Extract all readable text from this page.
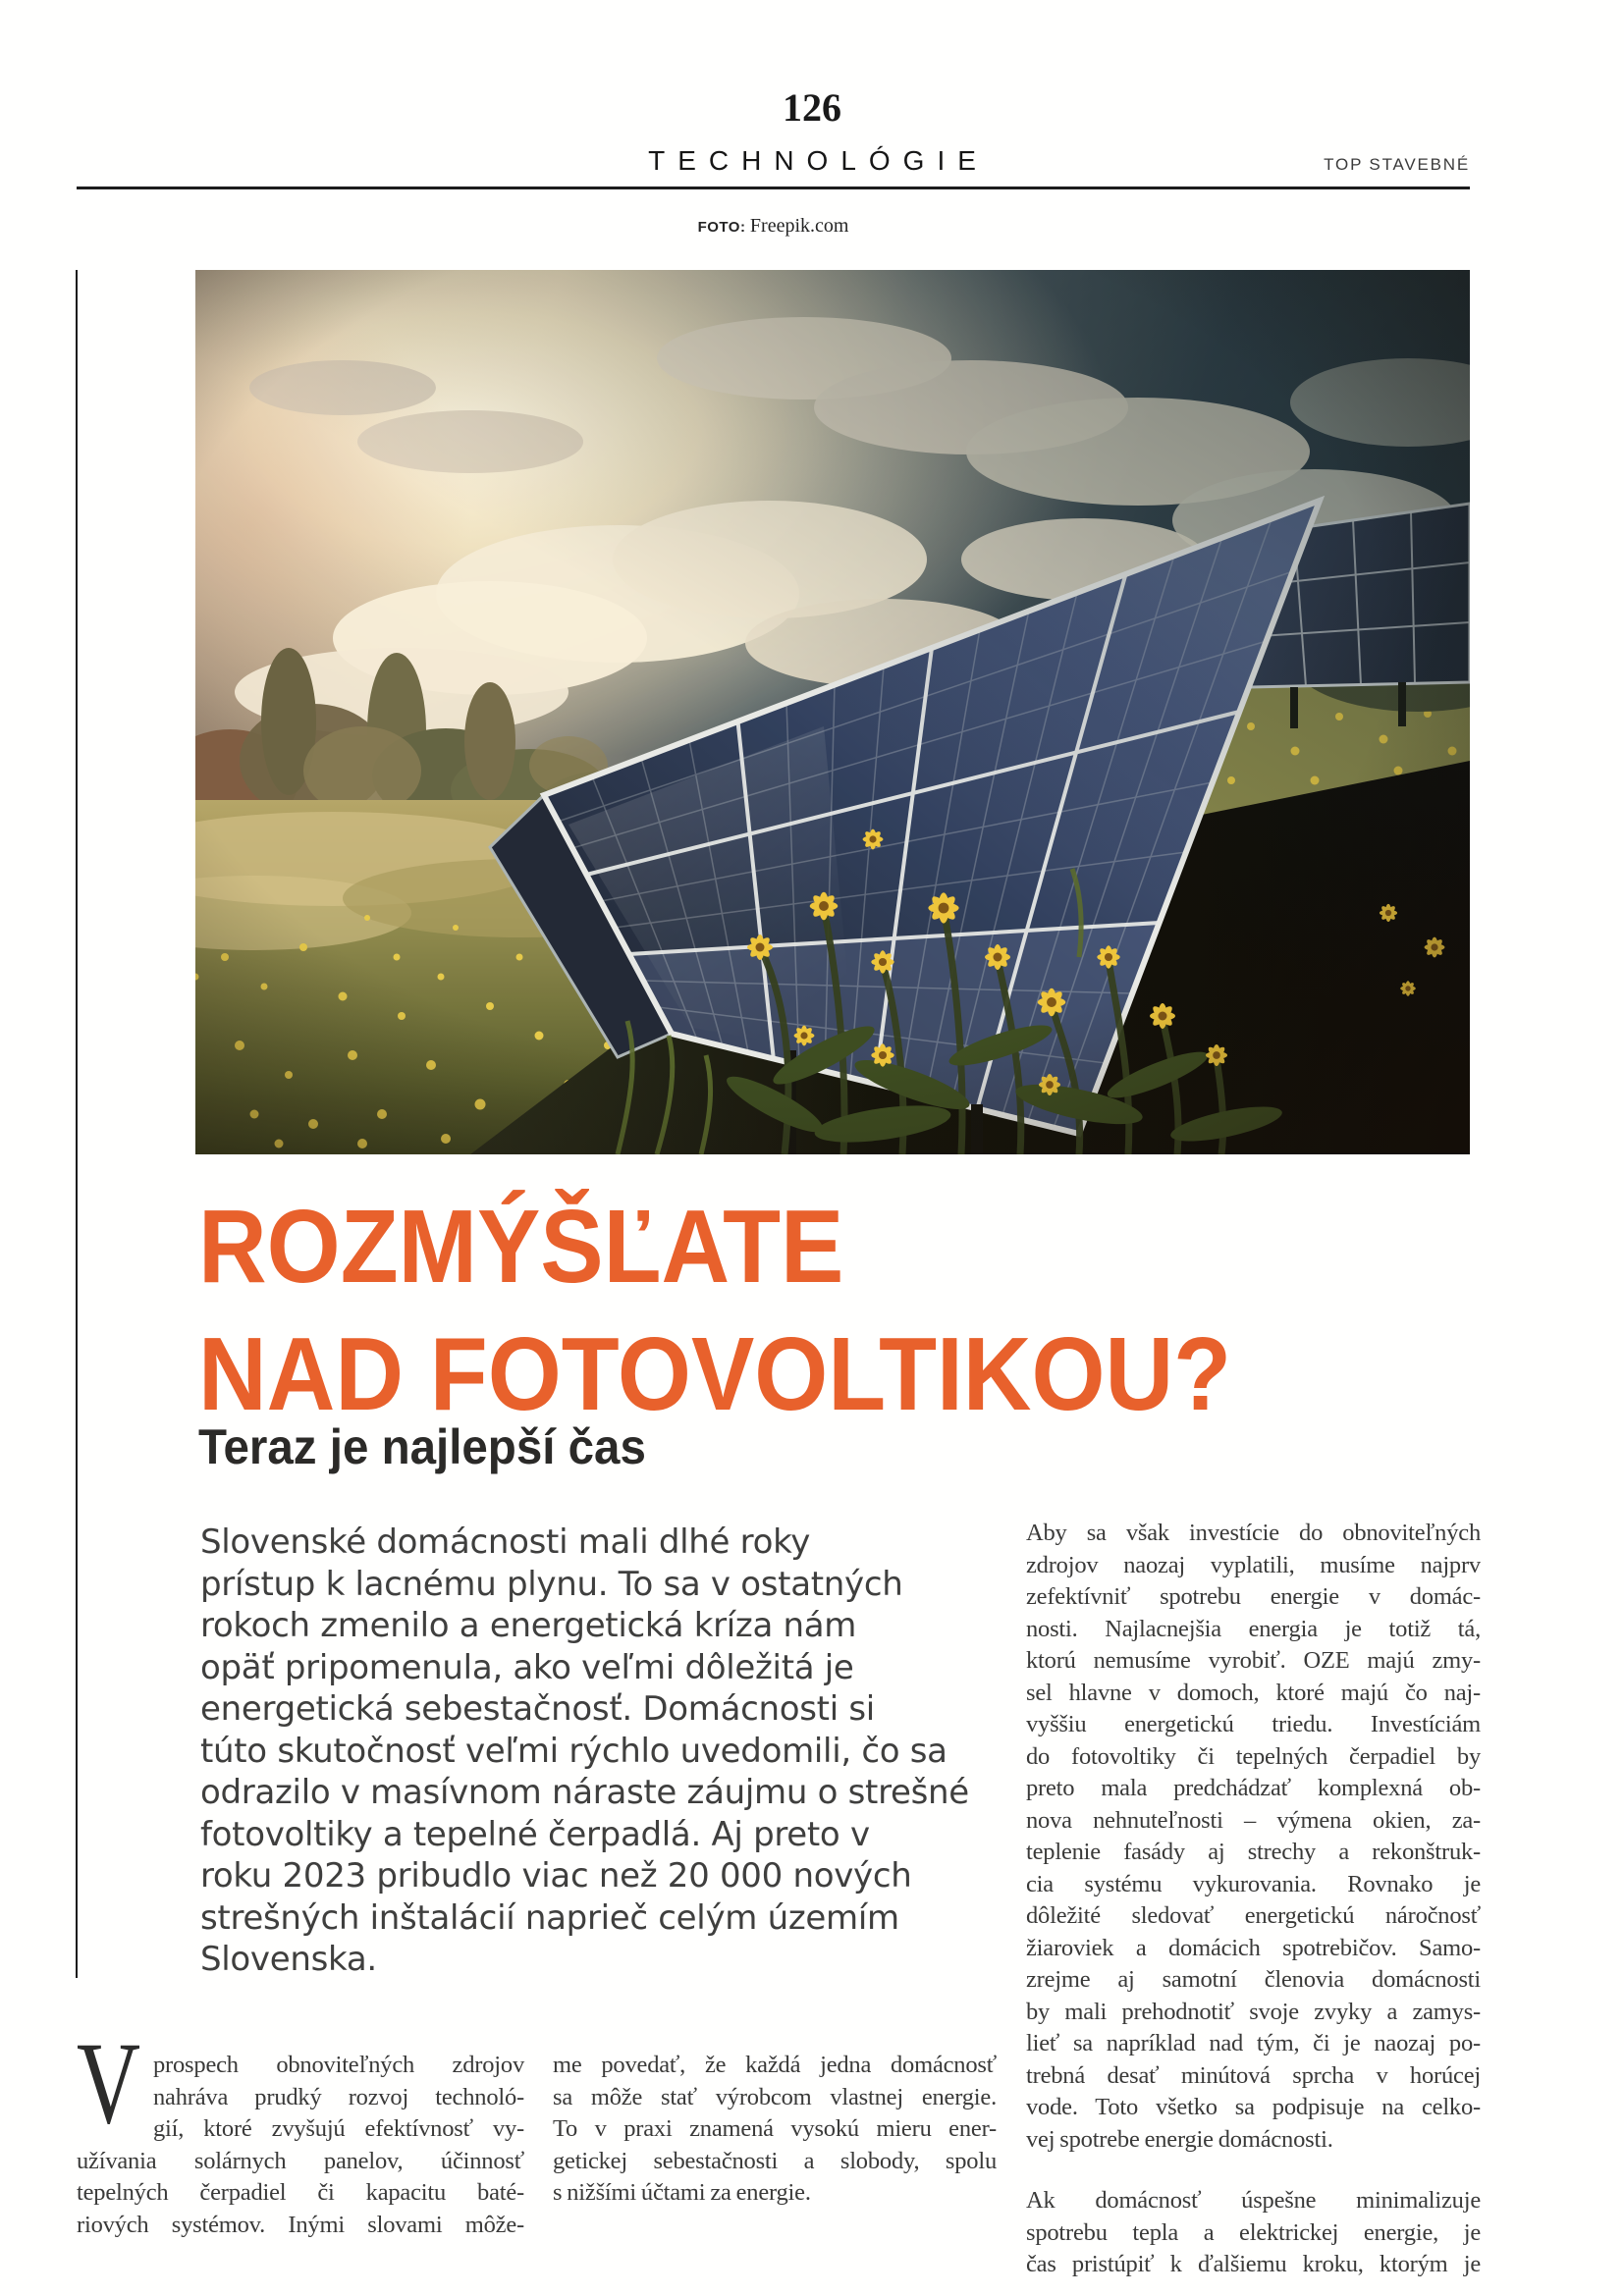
126
TECHNOLÓGIE	TOP STAVEBNÉ
FOTO: Freepik.com
ROZMÝŠĽATE
NAD FOTOVOLTIKOU?
Teraz je najlepší čas
Slovenské domácnosti mali dlhé roky
prístup k lacnému plynu. To sa v ostatných
rokoch zmenilo a energetická kríza nám
opäť pripomenula, ako veľmi dôležitá je
energetická sebestačnosť. Domácnosti si
túto skutočnosť veľmi rýchlo uvedomili, čo sa
odrazilo v masívnom náraste záujmu o strešné
fotovoltiky a tepelné čerpadlá. Aj preto v
roku 2023 pribudlo viac než 20 000 nových
strešných inštalácií naprieč celým územím
Slovenska.
V prospech obnoviteľných zdrojov
nahráva prudký rozvoj technoló-
gií, ktoré zvyšujú efektívnosť vy-
užívania solárnych panelov, účinnosť
tepelných čerpadiel či kapacitu baté-
riových systémov. Inými slovami môže-
me povedať, že každá jedna domácnosť
sa môže stať výrobcom vlastnej energie.
To v praxi znamená vysokú mieru ener-
getickej sebestačnosti a slobody, spolu
s nižšími účtami za energie.
Aby sa však investície do obnoviteľných
zdrojov naozaj vyplatili, musíme najprv
zefektívniť spotrebu energie v domác-
nosti. Najlacnejšia energia je totiž tá,
ktorú nemusíme vyrobiť. OZE majú zmy-
sel hlavne v domoch, ktoré majú čo naj-
vyššiu energetickú triedu. Investíciám
do fotovoltiky či tepelných čerpadiel by
preto mala predchádzať komplexná ob-
nova nehnuteľnosti – výmena okien, za-
teplenie fasády aj strechy a rekonštruk-
cia systému vykurovania. Rovnako je
dôležité sledovať energetickú náročnosť
žiaroviek a domácich spotrebičov. Samo-
zrejme aj samotní členovia domácnosti
by mali prehodnotiť svoje zvyky a zamys-
lieť sa napríklad nad tým, či je naozaj po-
trebná desať minútová sprcha v horúcej
vode. Toto všetko sa podpisuje na celko-
vej spotrebe energie domácnosti.
Ak domácnosť úspešne minimalizuje
spotrebu tepla a elektrickej energie, je
čas pristúpiť k ďalšiemu kroku, ktorým je
